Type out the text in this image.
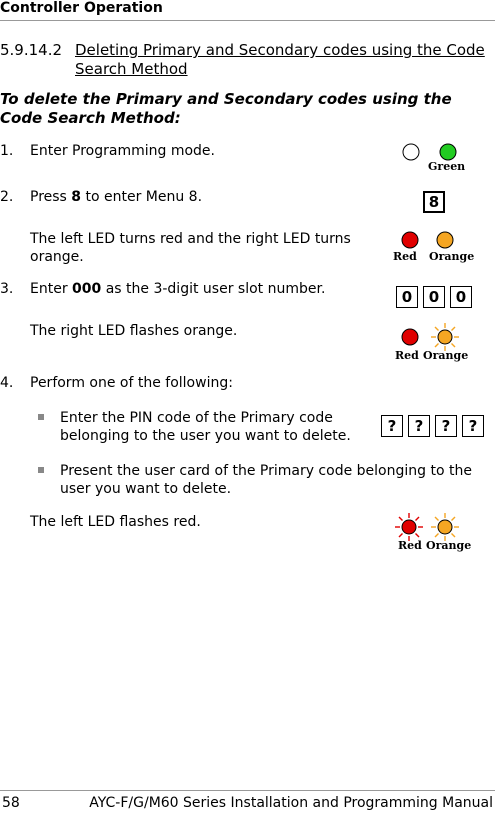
Controller Operation
5.9.14.2 Deleting Primary and Secondary codes using the Code Search Method
To delete the Primary and Secondary codes using the Code Search Method:
1. Enter Programming mode.
Green
2. Press 8 to enter Menu 8.	8
The left LED turns red and the right LED turns orange.	Red Orange
3. Enter 000 as the 3-digit user slot number.	0	0	0
The right LED flashes orange.
Red Orange
4. Perform one of the following:
Enter the PIN code of the Primary code belonging to the user you want to delete.
?	?	?	?
Present the user card of the Primary code belonging to the user you want to delete.
The left LED flashes red.
Red Orange
58	AYC-F/G/M60 Series Installation and Programming Manual
